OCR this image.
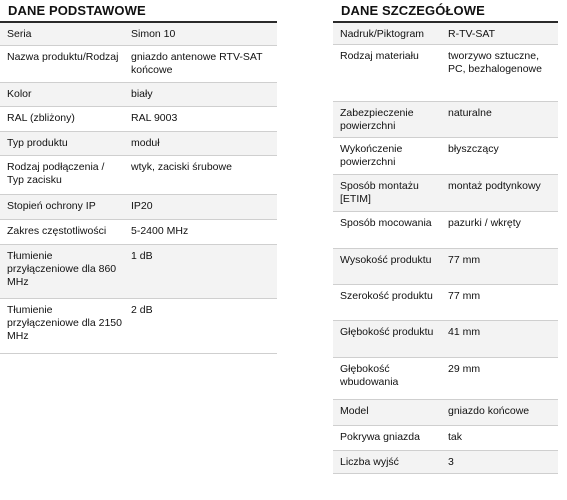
DANE PODSTAWOWE
Seria	Simon 10
Nazwa produktu/Rodzaj	gniazdo antenowe RTV-SAT końcowe
Kolor	biały
RAL (zbliżony)	RAL 9003
Typ produktu	moduł
Rodzaj podłączenia / Typ zacisku	wtyk, zaciski śrubowe
Stopień ochrony IP	IP20
Zakres częstotliwości	5-2400 MHz
Tłumienie przyłączeniowe dla 860 MHz	1 dB
Tłumienie przyłączeniowe dla 2150 MHz	2 dB
DANE SZCZEGÓŁOWE
Nadruk/Piktogram	R-TV-SAT
Rodzaj materiału	tworzywo sztuczne, PC, bezhalogenowe
Zabezpieczenie powierzchni	naturalne
Wykończenie powierzchni	błyszczący
Sposób montażu [ETIM]	montaż podtynkowy
Sposób mocowania	pazurki / wkręty
Wysokość produktu	77 mm
Szerokość produktu	77 mm
Głębokość produktu	41 mm
Głębokość wbudowania	29 mm
Model	gniazdo końcowe
Pokrywa gniazda	tak
Liczba wyjść	3
